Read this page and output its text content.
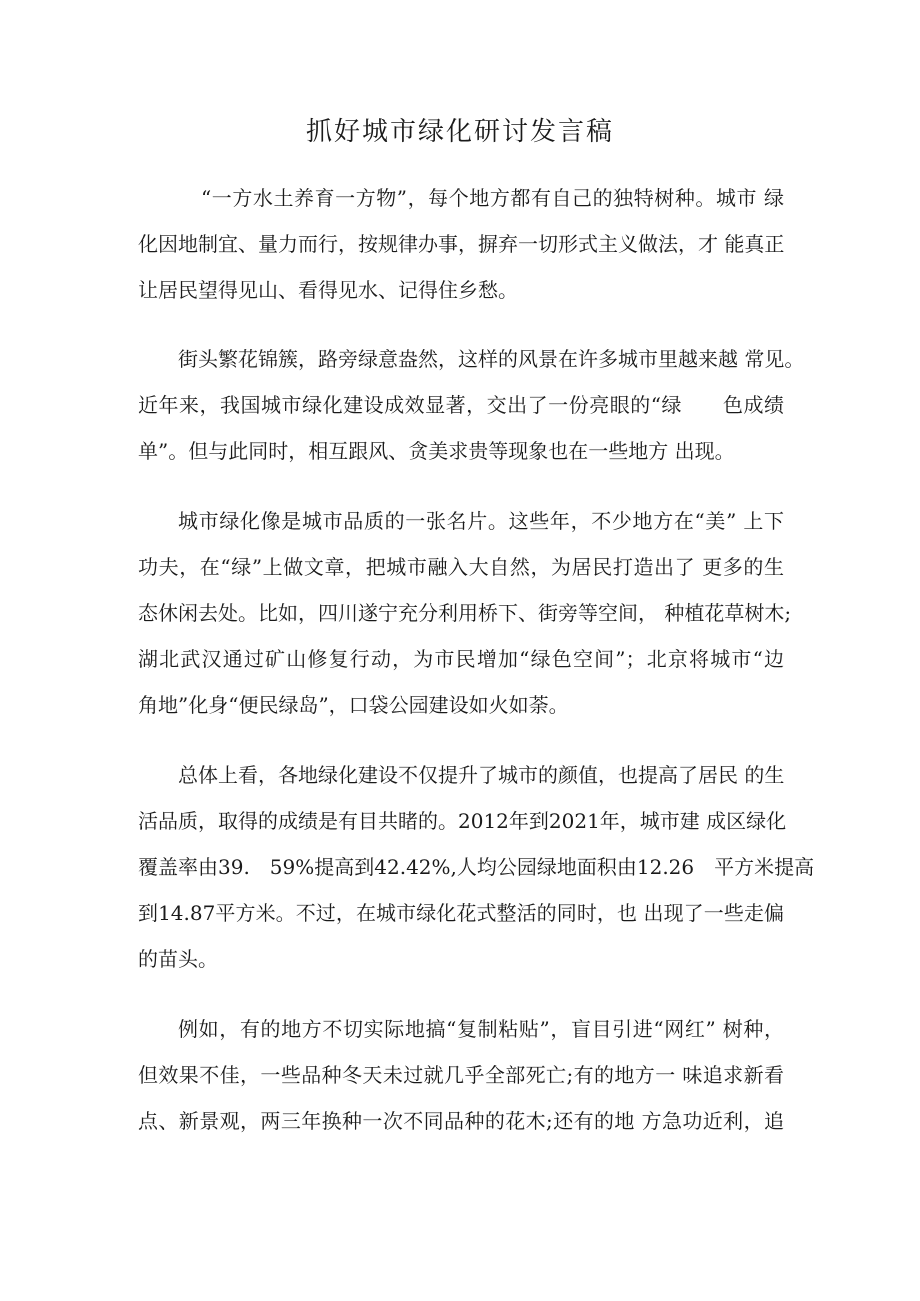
抓好城市绿化研讨发言稿
“一方水土养育一方物”，每个地方都有自己的独特树种。城市 绿
化因地制宜、量力而行，按规律办事，摒弃一切形式主义做法，才 能真正
让居民望得见山、看得见水、记得住乡愁。
街头繁花锦簇，路旁绿意盎然，这样的风景在许多城市里越来越 常见。
近年来，我国城市绿化建设成效显著，交出了一份亮眼的“绿　　色成绩
单”。但与此同时，相互跟风、贪美求贵等现象也在一些地方 出现。
城市绿化像是城市品质的一张名片。这些年，不少地方在“美” 上下
功夫，在“绿”上做文章，把城市融入大自然，为居民打造出了 更多的生
态休闲去处。比如，四川遂宁充分利用桥下、街旁等空间， 种植花草树木;
湖北武汉通过矿山修复行动，为市民增加“绿色空间”；北京将城市“边
角地”化身“便民绿岛”，口袋公园建设如火如荼。
总体上看，各地绿化建设不仅提升了城市的颜值，也提高了居民 的生
活品质，取得的成绩是有目共睹的。2012年到2021年，城市建 成区绿化
覆盖率由39.　59%提高到42.42%,人均公园绿地面积由12.26　平方米提高
到14.87平方米。不过，在城市绿化花式整活的同时，也 出现了一些走偏
的苗头。
例如，有的地方不切实际地搞“复制粘贴”，盲目引进“网红” 树种，
但效果不佳，一些品种冬天未过就几乎全部死亡;有的地方一 味追求新看
点、新景观，两三年换种一次不同品种的花木;还有的地 方急功近利，追
